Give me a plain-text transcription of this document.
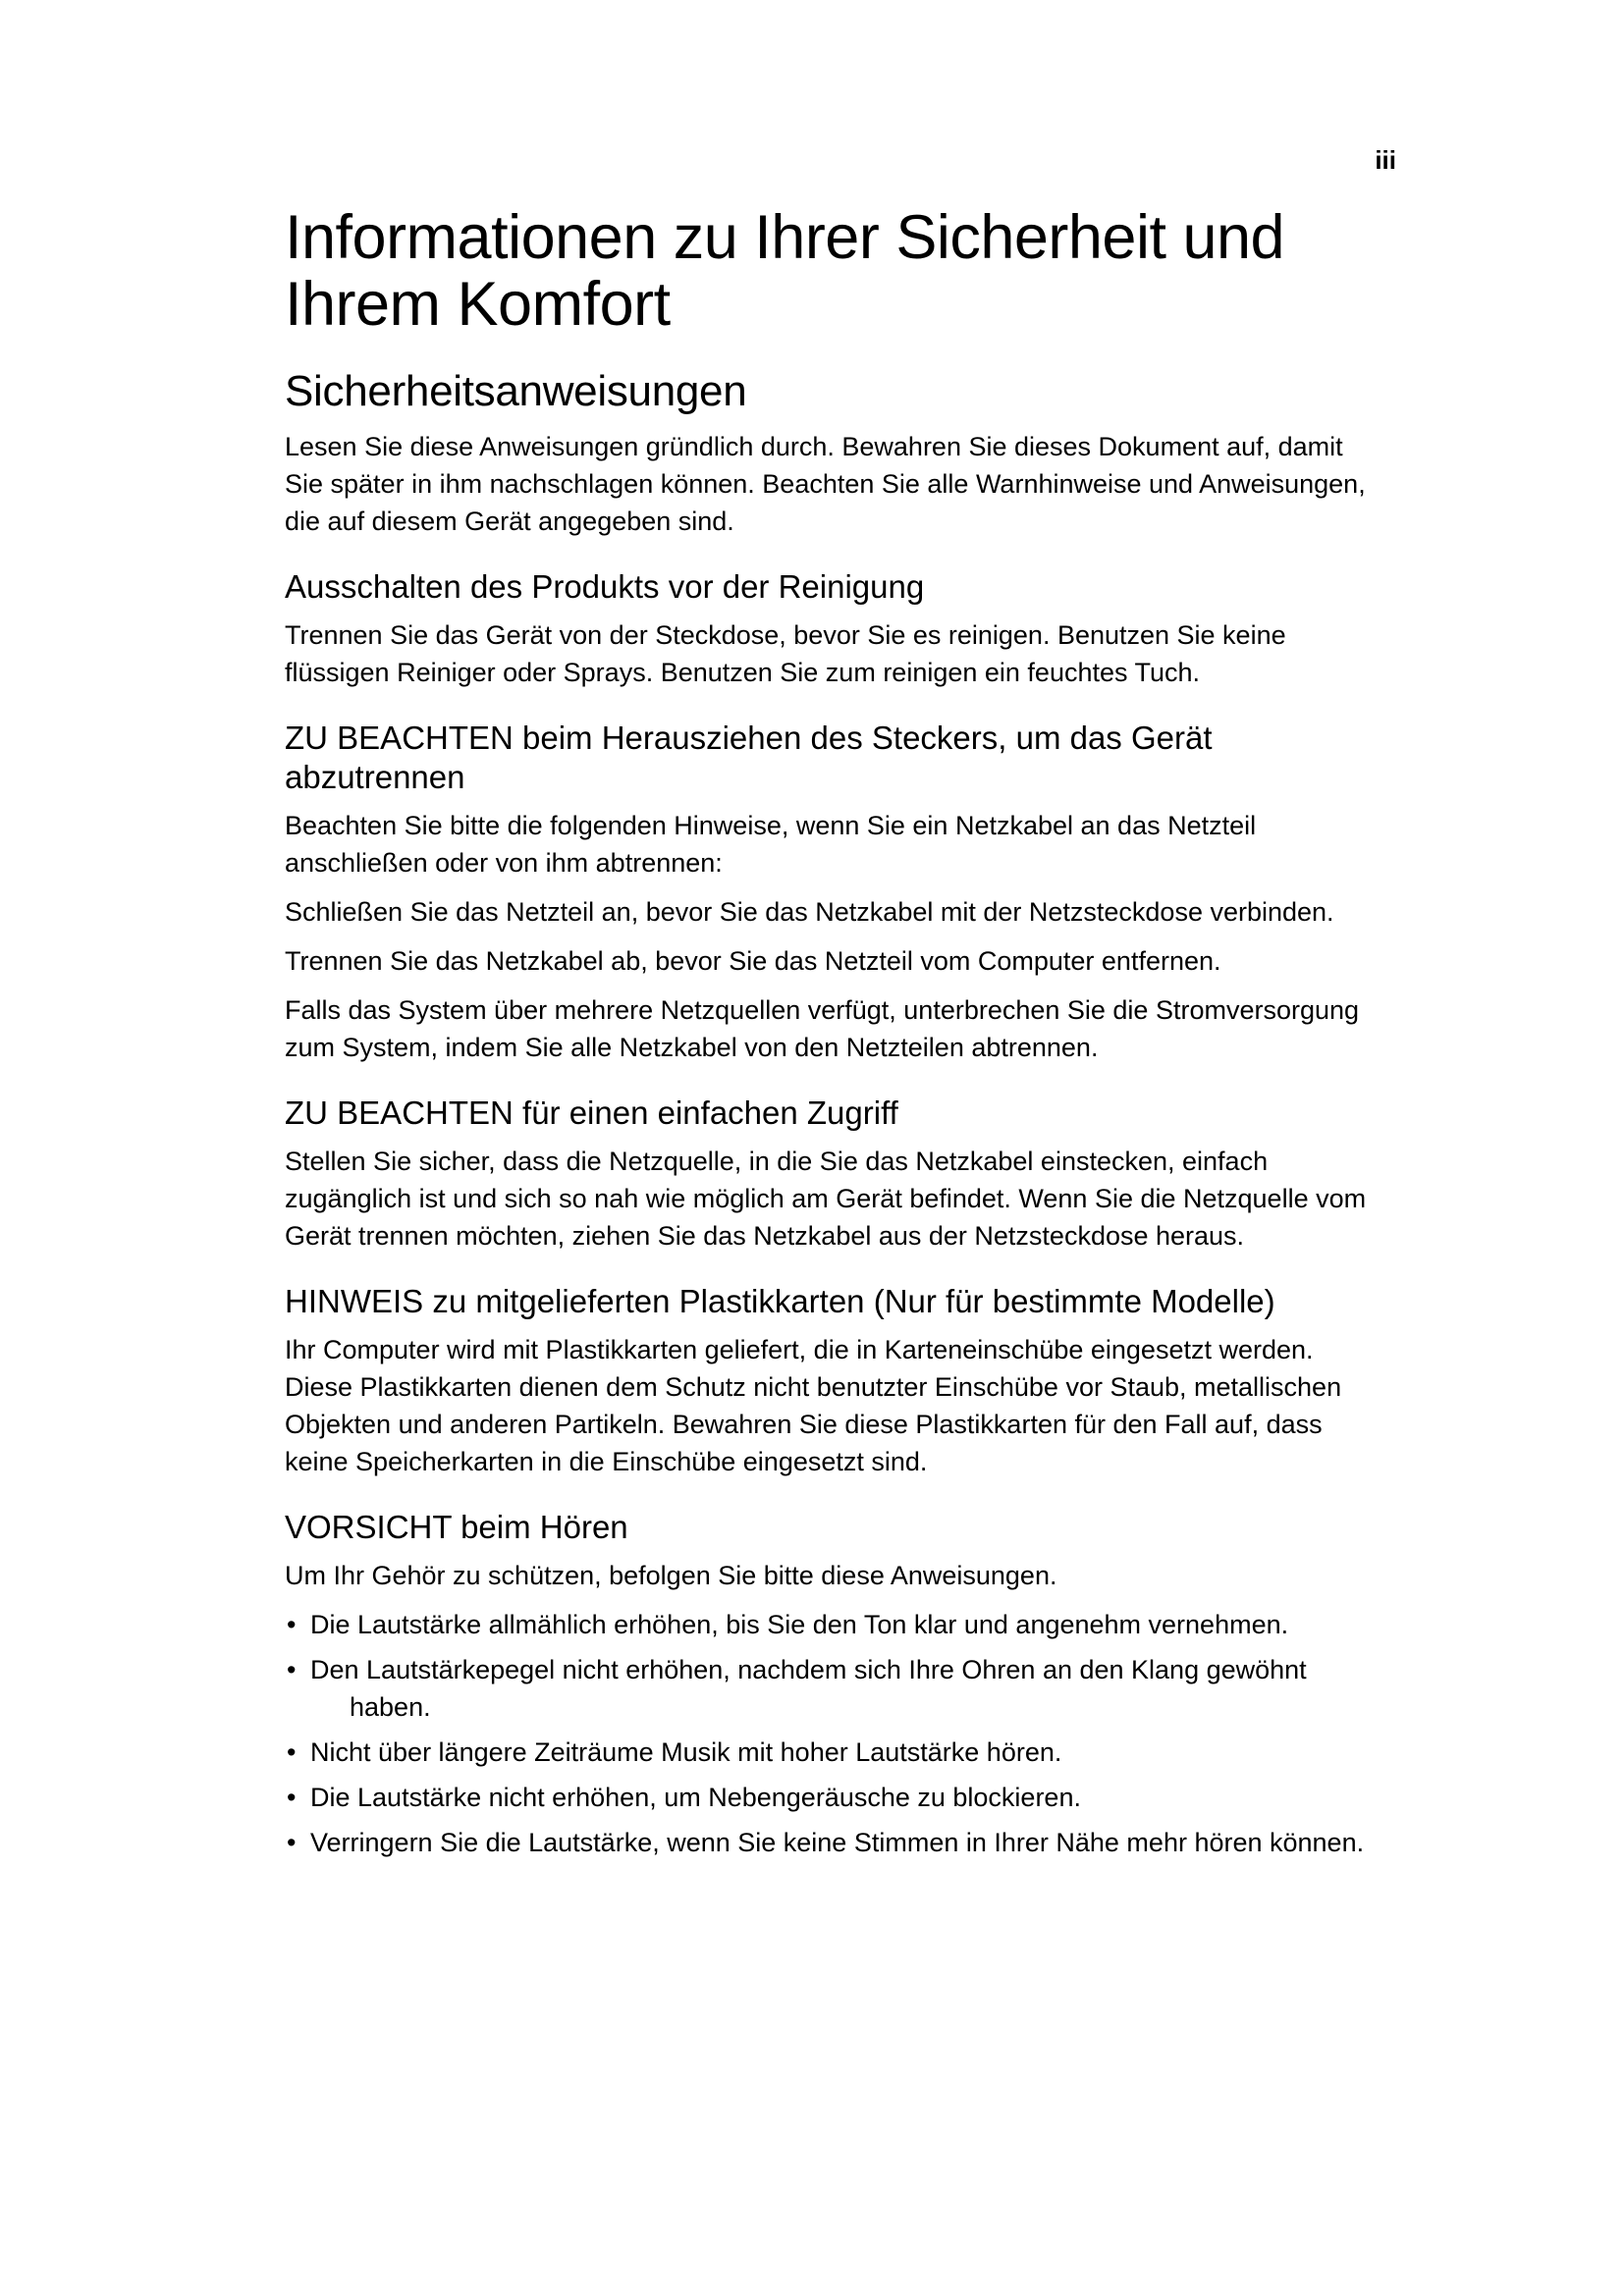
iii
Informationen zu Ihrer Sicherheit und Ihrem Komfort
Sicherheitsanweisungen

Lesen Sie diese Anweisungen gründlich durch. Bewahren Sie dieses Dokument auf, damit Sie später in ihm nachschlagen können. Beachten Sie alle Warnhinweise und Anweisungen, die auf diesem Gerät angegeben sind.

Ausschalten des Produkts vor der Reinigung

Trennen Sie das Gerät von der Steckdose, bevor Sie es reinigen. Benutzen Sie keine flüssigen Reiniger oder Sprays. Benutzen Sie zum reinigen ein feuchtes Tuch.

ZU BEACHTEN beim Herausziehen des Steckers, um das Gerät abzutrennen

Beachten Sie bitte die folgenden Hinweise, wenn Sie ein Netzkabel an das Netzteil anschließen oder von ihm abtrennen:

Schließen Sie das Netzteil an, bevor Sie das Netzkabel mit der Netzsteckdose verbinden.

Trennen Sie das Netzkabel ab, bevor Sie das Netzteil vom Computer entfernen.

Falls das System über mehrere Netzquellen verfügt, unterbrechen Sie die Stromversorgung zum System, indem Sie alle Netzkabel von den Netzteilen abtrennen.

ZU BEACHTEN für einen einfachen Zugriff

Stellen Sie sicher, dass die Netzquelle, in die Sie das Netzkabel einstecken, einfach zugänglich ist und sich so nah wie möglich am Gerät befindet. Wenn Sie die Netzquelle vom Gerät trennen möchten, ziehen Sie das Netzkabel aus der Netzsteckdose heraus.

HINWEIS zu mitgelieferten Plastikkarten (Nur für bestimmte Modelle)

Ihr Computer wird mit Plastikkarten geliefert, die in Karteneinschübe eingesetzt werden. Diese Plastikkarten dienen dem Schutz nicht benutzter Einschübe vor Staub, metallischen Objekten und anderen Partikeln. Bewahren Sie diese Plastikkarten für den Fall auf, dass keine Speicherkarten in die Einschübe eingesetzt sind.

VORSICHT beim Hören

Um Ihr Gehör zu schützen, befolgen Sie bitte diese Anweisungen.

• Die Lautstärke allmählich erhöhen, bis Sie den Ton klar und angenehm vernehmen.
• Den Lautstärkepegel nicht erhöhen, nachdem sich Ihre Ohren an den Klang gewöhnt haben.
• Nicht über längere Zeiträume Musik mit hoher Lautstärke hören.
• Die Lautstärke nicht erhöhen, um Nebengeräusche zu blockieren.
• Verringern Sie die Lautstärke, wenn Sie keine Stimmen in Ihrer Nähe mehr hören können.
